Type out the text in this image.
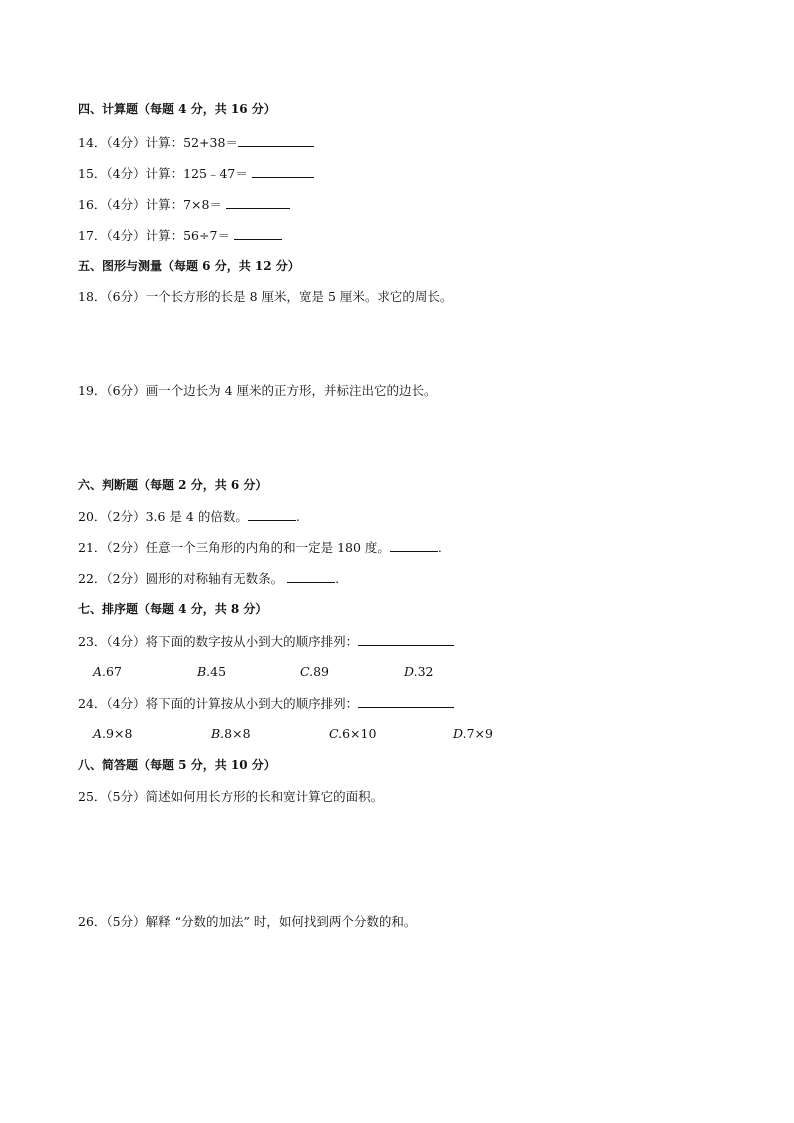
四、计算题（每题 4 分，共 16 分）
14．（4分）计算：52+38＝
15．（4分）计算：125﹣47＝
16．（4分）计算：7×8＝
17．（4分）计算：56÷7＝
五、图形与测量（每题 6 分，共 12 分）
18．（6分）一个长方形的长是 8 厘米，宽是 5 厘米。求它的周长。
19．（6分）画一个边长为 4 厘米的正方形，并标注出它的边长。
六、判断题（每题 2 分，共 6 分）
20．（2分）3.6 是 4 的倍数。	.
21．（2分）任意一个三角形的内角的和一定是 180 度。	.
22．（2分）圆形的对称轴有无数条。	.
七、排序题（每题 4 分，共 8 分）
23．（4分）将下面的数字按从小到大的顺序排列：
A.67	B.45	C.89	D.32
24．（4分）将下面的计算按从小到大的顺序排列：
A.9×8	B.8×8	C.6×10	D.7×9
八、简答题（每题 5 分，共 10 分）
25．（5分）简述如何用长方形的长和宽计算它的面积。
26．（5分）解释 “分数的加法” 时，如何找到两个分数的和。
